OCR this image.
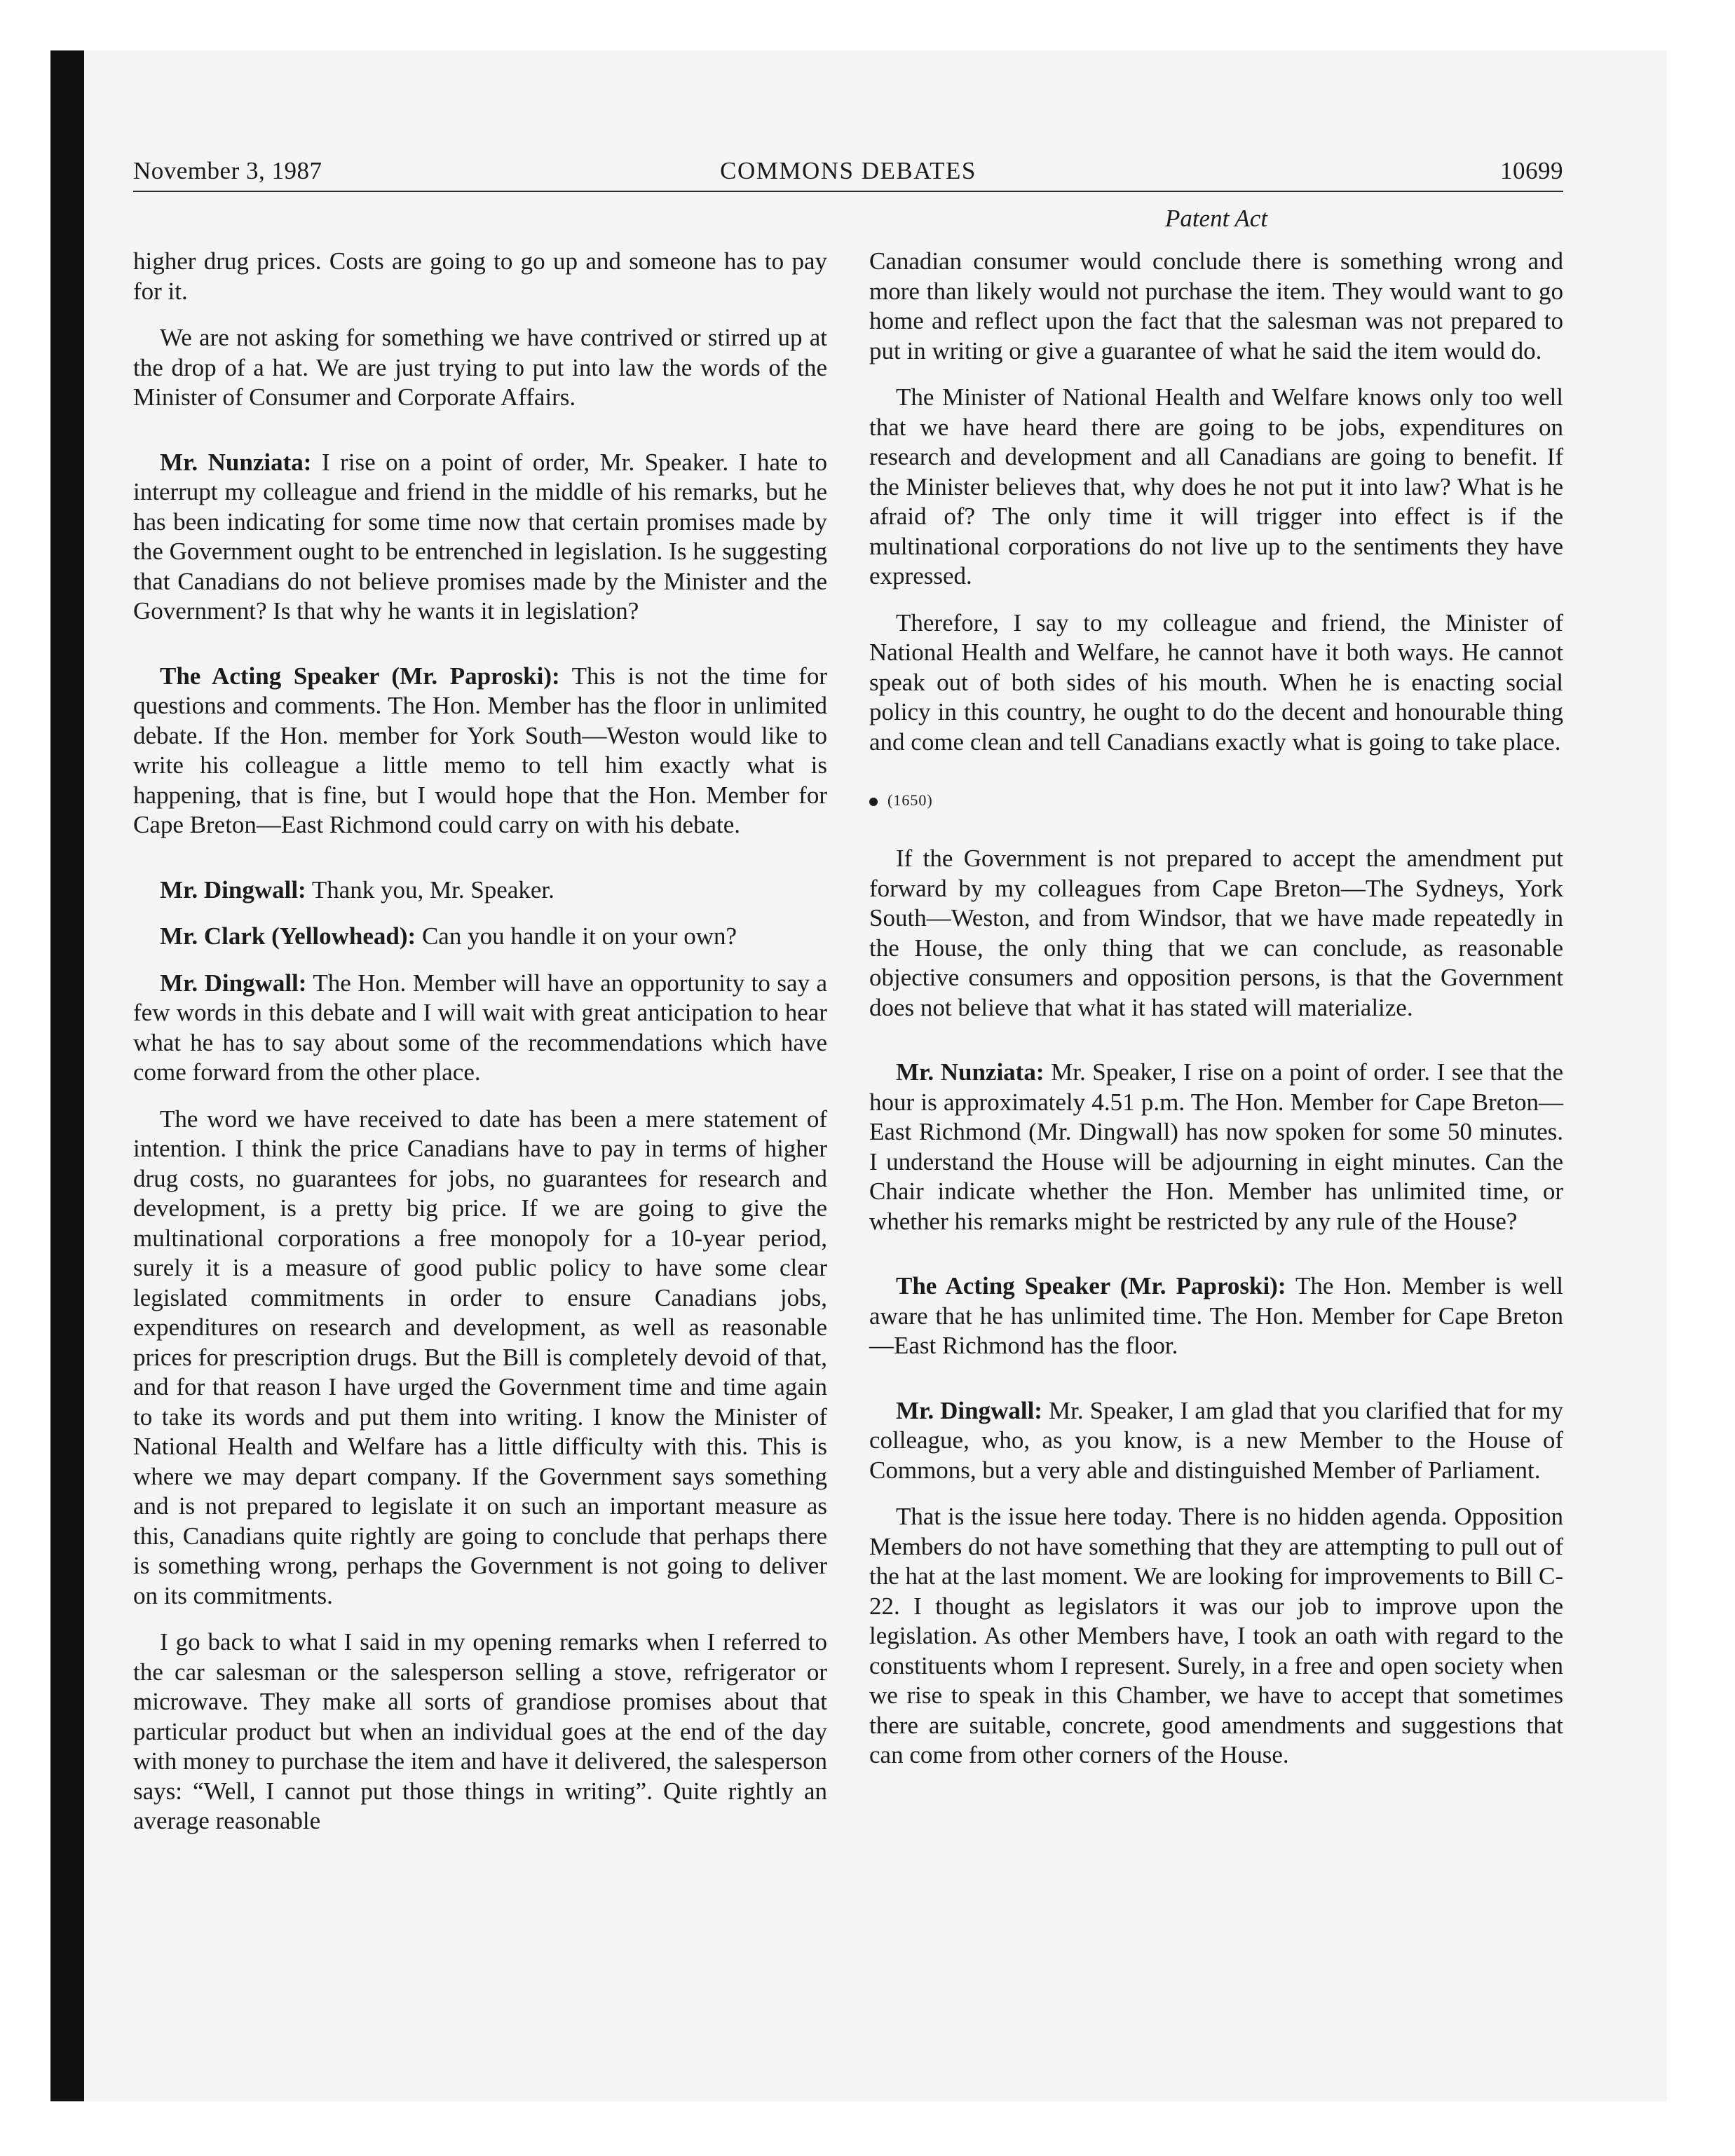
November 3, 1987	COMMONS DEBATES	10699
Patent Act

higher drug prices. Costs are going to go up and someone has to pay for it.

We are not asking for something we have contrived or stirred up at the drop of a hat. We are just trying to put into law the words of the Minister of Consumer and Corporate Affairs.

Mr. Nunziata: I rise on a point of order, Mr. Speaker. I hate to interrupt my colleague and friend in the middle of his remarks, but he has been indicating for some time now that certain promises made by the Government ought to be entrenched in legislation. Is he suggesting that Canadians do not believe promises made by the Minister and the Government? Is that why he wants it in legislation?

The Acting Speaker (Mr. Paproski): This is not the time for questions and comments. The Hon. Member has the floor in unlimited debate. If the Hon. member for York South—Weston would like to write his colleague a little memo to tell him exactly what is happening, that is fine, but I would hope that the Hon. Member for Cape Breton—East Richmond could carry on with his debate.

Mr. Dingwall: Thank you, Mr. Speaker.

Mr. Clark (Yellowhead): Can you handle it on your own?

Mr. Dingwall: The Hon. Member will have an opportunity to say a few words in this debate and I will wait with great anticipation to hear what he has to say about some of the recommendations which have come forward from the other place.

The word we have received to date has been a mere statement of intention. I think the price Canadians have to pay in terms of higher drug costs, no guarantees for jobs, no guarantees for research and development, is a pretty big price. If we are going to give the multinational corporations a free monopoly for a 10-year period, surely it is a measure of good public policy to have some clear legislated commitments in order to ensure Canadians jobs, expenditures on research and development, as well as reasonable prices for prescription drugs. But the Bill is completely devoid of that, and for that reason I have urged the Government time and time again to take its words and put them into writing. I know the Minister of National Health and Welfare has a little difficulty with this. This is where we may depart company. If the Government says something and is not prepared to legislate it on such an important measure as this, Canadians quite rightly are going to conclude that perhaps there is something wrong, perhaps the Government is not going to deliver on its commitments.

I go back to what I said in my opening remarks when I referred to the car salesman or the salesperson selling a stove, refrigerator or microwave. They make all sorts of grandiose promises about that particular product but when an individual goes at the end of the day with money to purchase the item and have it delivered, the salesperson says: “Well, I cannot put those things in writing”. Quite rightly an average reasonable

Canadian consumer would conclude there is something wrong and more than likely would not purchase the item. They would want to go home and reflect upon the fact that the salesman was not prepared to put in writing or give a guarantee of what he said the item would do.

The Minister of National Health and Welfare knows only too well that we have heard there are going to be jobs, expenditures on research and development and all Canadians are going to benefit. If the Minister believes that, why does he not put it into law? What is he afraid of? The only time it will trigger into effect is if the multinational corporations do not live up to the sentiments they have expressed.

Therefore, I say to my colleague and friend, the Minister of National Health and Welfare, he cannot have it both ways. He cannot speak out of both sides of his mouth. When he is enacting social policy in this country, he ought to do the decent and honourable thing and come clean and tell Canadians exactly what is going to take place.

(1650)

If the Government is not prepared to accept the amendment put forward by my colleagues from Cape Breton—The Sydneys, York South—Weston, and from Windsor, that we have made repeatedly in the House, the only thing that we can conclude, as reasonable objective consumers and opposition persons, is that the Government does not believe that what it has stated will materialize.

Mr. Nunziata: Mr. Speaker, I rise on a point of order. I see that the hour is approximately 4.51 p.m. The Hon. Member for Cape Breton—East Richmond (Mr. Dingwall) has now spoken for some 50 minutes. I understand the House will be adjourning in eight minutes. Can the Chair indicate whether the Hon. Member has unlimited time, or whether his remarks might be restricted by any rule of the House?

The Acting Speaker (Mr. Paproski): The Hon. Member is well aware that he has unlimited time. The Hon. Member for Cape Breton—East Richmond has the floor.

Mr. Dingwall: Mr. Speaker, I am glad that you clarified that for my colleague, who, as you know, is a new Member to the House of Commons, but a very able and distinguished Member of Parliament.

That is the issue here today. There is no hidden agenda. Opposition Members do not have something that they are attempting to pull out of the hat at the last moment. We are looking for improvements to Bill C-22. I thought as legislators it was our job to improve upon the legislation. As other Members have, I took an oath with regard to the constituents whom I represent. Surely, in a free and open society when we rise to speak in this Chamber, we have to accept that sometimes there are suitable, concrete, good amendments and suggestions that can come from other corners of the House.
